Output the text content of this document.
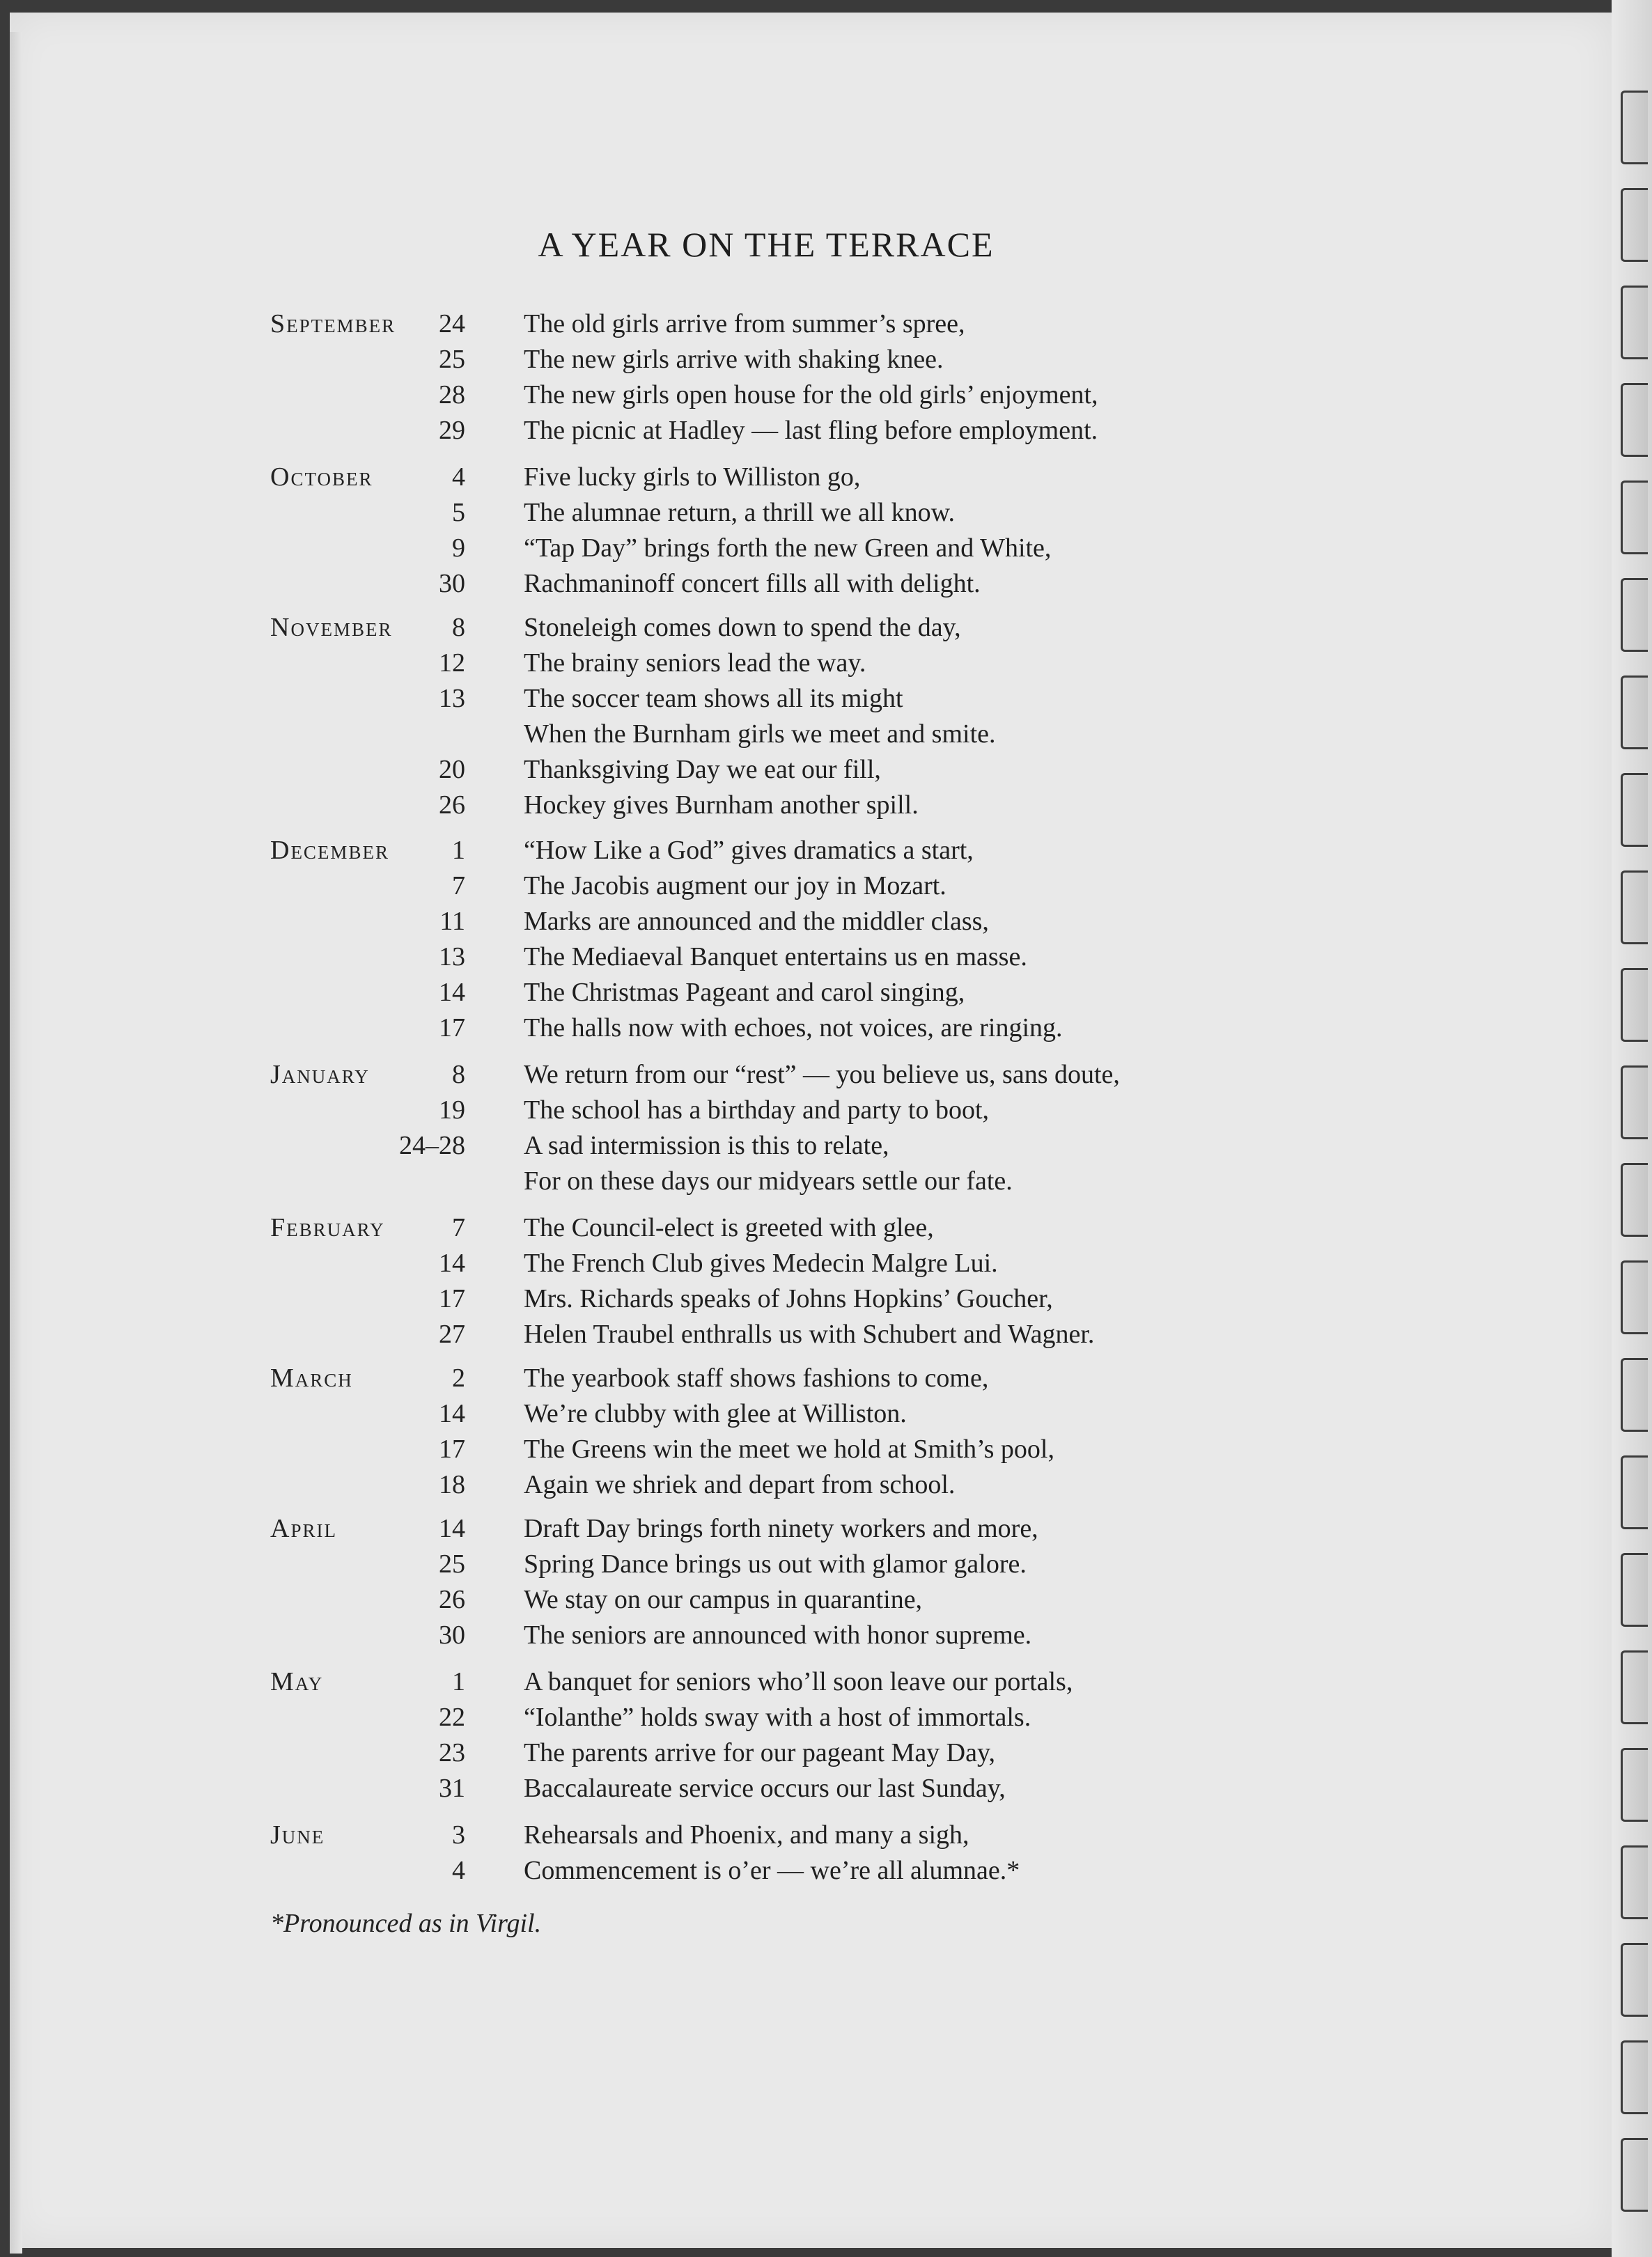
A YEAR ON THE TERRACE
September	24 The old girls arrive from summer’s spree,
25 The new girls arrive with shaking knee.
28 The new girls open house for the old girls’ enjoyment,
29 The picnic at Hadley — last fling before employment.
October	4 Five lucky girls to Williston go,
5 The alumnae return, a thrill we all know.
9 “Tap Day” brings forth the new Green and White,
30 Rachmaninoff concert fills all with delight.
November	8 Stoneleigh comes down to spend the day,
12 The brainy seniors lead the way.
13 The soccer team shows all its might
When the Burnham girls we meet and smite.
20 Thanksgiving Day we eat our fill,
26 Hockey gives Burnham another spill.
December	1 “How Like a God” gives dramatics a start,
7 The Jacobis augment our joy in Mozart.
11 Marks are announced and the middler class,
13 The Mediaeval Banquet entertains us en masse.
14 The Christmas Pageant and carol singing,
17 The halls now with echoes, not voices, are ringing.
January	8 We return from our “rest” — you believe us, sans doute,
19 The school has a birthday and party to boot,
24–28 A sad intermission is this to relate,
For on these days our midyears settle our fate.
February	7 The Council-elect is greeted with glee,
14 The French Club gives Medecin Malgre Lui.
17 Mrs. Richards speaks of Johns Hopkins’ Goucher,
27 Helen Traubel enthralls us with Schubert and Wagner.
March	2 The yearbook staff shows fashions to come,
14 We’re clubby with glee at Williston.
17 The Greens win the meet we hold at Smith’s pool,
18 Again we shriek and depart from school.
April	14 Draft Day brings forth ninety workers and more,
25 Spring Dance brings us out with glamor galore.
26 We stay on our campus in quarantine,
30 The seniors are announced with honor supreme.
May	1 A banquet for seniors who’ll soon leave our portals,
22 “Iolanthe” holds sway with a host of immortals.
23 The parents arrive for our pageant May Day,
31 Baccalaureate service occurs our last Sunday,
June	3 Rehearsals and Phoenix, and many a sigh,
4 Commencement is o’er — we’re all alumnae.*

*Pronounced as in Virgil.
